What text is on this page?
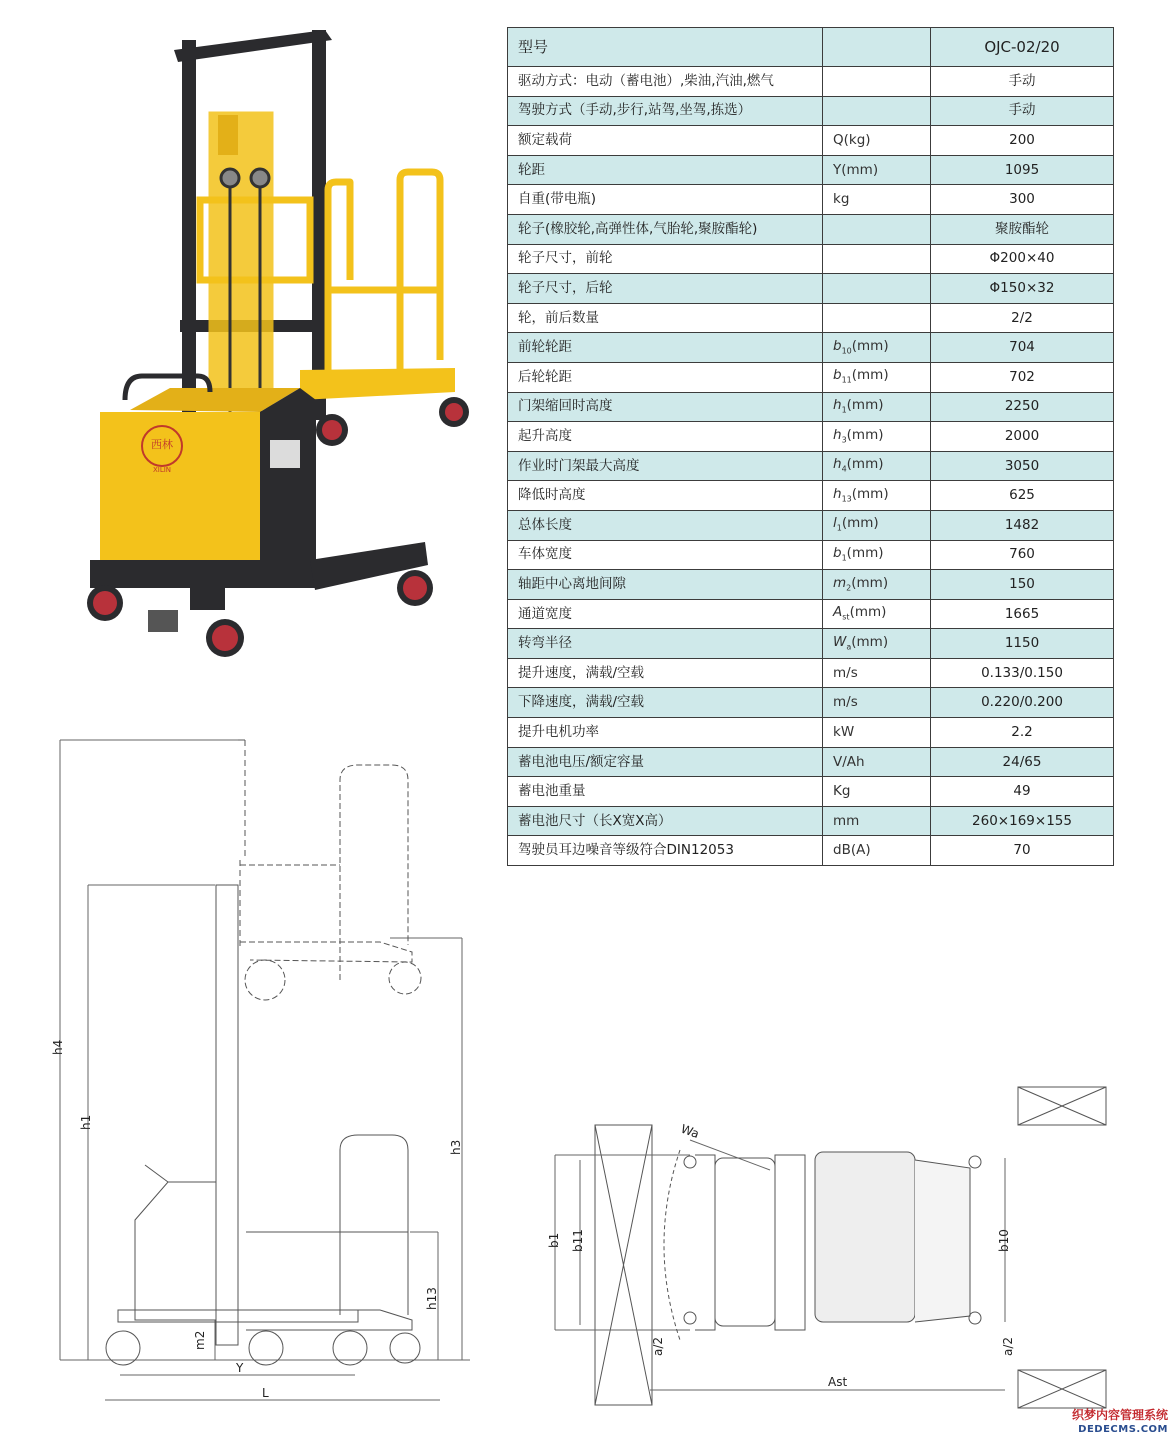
西林
XILIN
型号		OJC-02/20
驱动方式：电动（蓄电池）,柴油,汽油,燃气		手动
驾驶方式（手动,步行,站驾,坐驾,拣选）		手动
额定载荷	Q(kg)	200
轮距	Y(mm)	1095
自重(带电瓶)	kg	300
轮子(橡胶轮,高弹性体,气胎轮,聚胺酯轮)		聚胺酯轮
轮子尺寸，前轮		Φ200×40
轮子尺寸，后轮		Φ150×32
轮，前后数量		2/2
前轮轮距	$b_{10}(mm)$	704
后轮轮距	$b_{11}(mm)$	702
门架缩回时高度	$h_1(mm)$	2250
起升高度	$h_3(mm)$	2000
作业时门架最大高度	$h_4(mm)$	3050
降低时高度	$h_{13}(mm)$	625
总体长度	$l_1(mm)$	1482
车体宽度	$b_1(mm)$	760
轴距中心离地间隙	$m_2(mm)$	150
通道宽度	$A_{st}(mm)$	1665
转弯半径	$W_a(mm)$	1150
提升速度，满载/空载	m/s	0.133/0.150
下降速度，满载/空载	m/s	0.220/0.200
提升电机功率	kW	2.2
蓄电池电压/额定容量	V/Ah	24/65
蓄电池重量	Kg	49
蓄电池尺寸（长X宽X高）	mm	260×169×155
驾驶员耳边噪音等级符合DIN12053	dB(A)	70
h4
h1
h3
h13
m2
Y
L
Wa
b1 b11	b10
a/2	a/2
Ast
织梦内容管理系统
DEDECMS.COM
